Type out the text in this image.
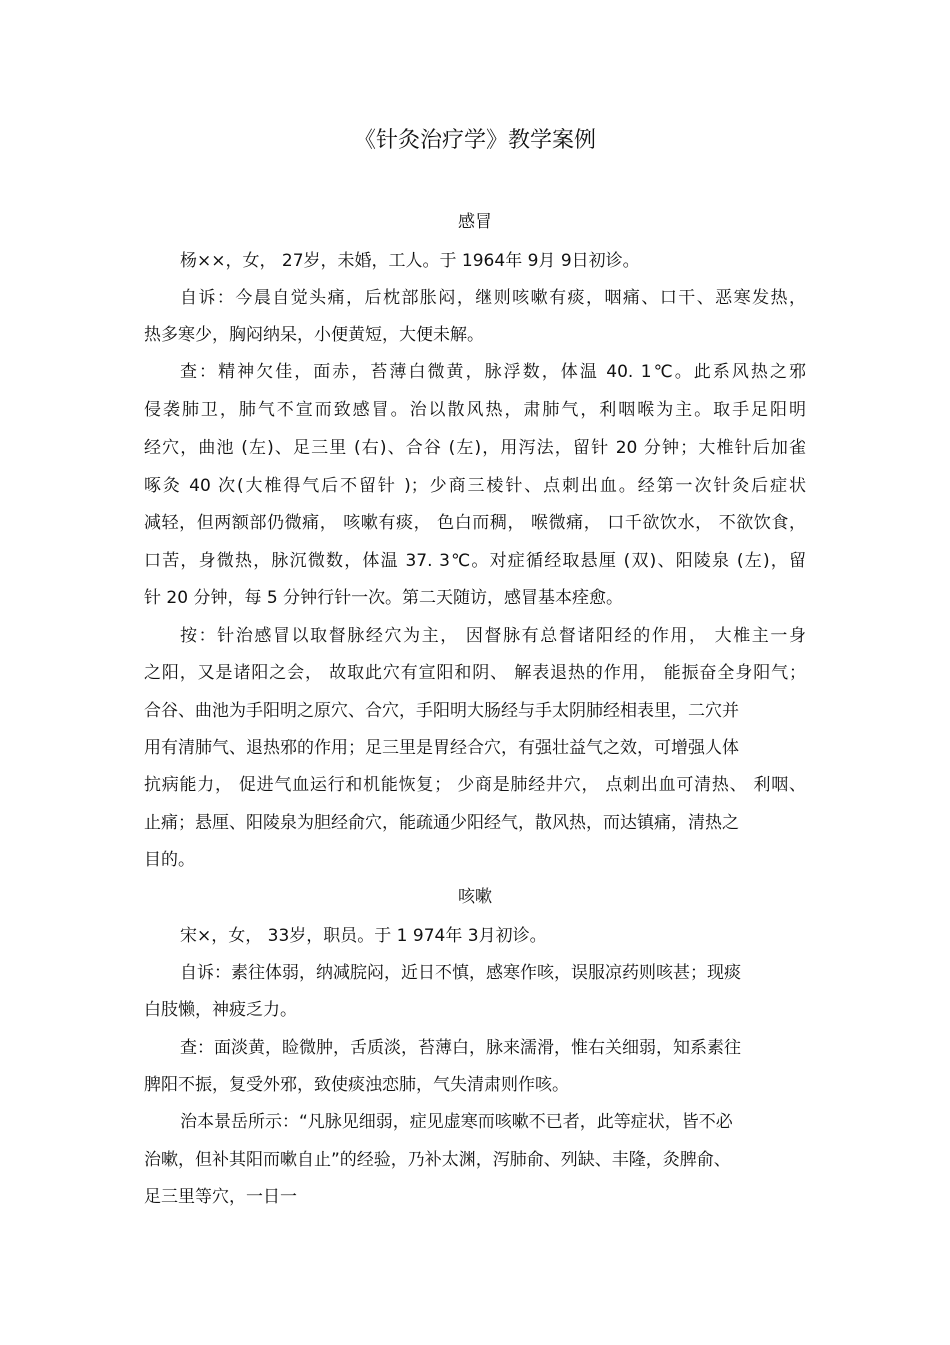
《针灸治疗学》教学案例
感冒
杨××，女， 27岁，未婚，工人。于 1964年 9月 9日初诊。
自诉：今晨自觉头痛，后枕部胀闷，继则咳嗽有痰，咽痛、口干、恶寒发热，
热多寒少，胸闷纳呆，小便黄短，大便未解。
查：精神欠佳，面赤，苔薄白微黄，脉浮数，体温 40. 1℃。此系风热之邪
侵袭肺卫，肺气不宣而致感冒。治以散风热，肃肺气，利咽喉为主。取手足阳明
经穴，曲池 (左)、足三里 (右)、合谷 (左)，用泻法，留针 20 分钟；大椎针后加雀
啄灸 40 次(大椎得气后不留针 )；少商三棱针、点刺出血。经第一次针灸后症状
减轻，但两额部仍微痛， 咳嗽有痰， 色白而稠， 喉微痛， 口千欲饮水， 不欲饮食，
口苦，身微热，脉沉微数，体温 37. 3℃。对症循经取悬厘 (双)、阳陵泉 (左)，留
针 20 分钟，每 5 分钟行针一次。第二天随访，感冒基本痊愈。
按：针治感冒以取督脉经穴为主， 因督脉有总督诸阳经的作用， 大椎主一身
之阳，又是诸阳之会， 故取此穴有宣阳和阴、 解表退热的作用， 能振奋全身阳气；
合谷、曲池为手阳明之原穴、合穴，手阳明大肠经与手太阴肺经相表里，二穴并
用有清肺气、退热邪的作用；足三里是胃经合穴，有强壮益气之效，可增强人体
抗病能力， 促进气血运行和机能恢复； 少商是肺经井穴， 点刺出血可清热、 利咽、
止痛；悬厘、阳陵泉为胆经俞穴，能疏通少阳经气，散风热，而达镇痛，清热之
目的。
咳嗽
宋×，女， 33岁，职员。于 1 974年 3月初诊。
自诉：素往体弱，纳减脘闷，近日不慎，感寒作咳，误服凉药则咳甚；现痰
白肢懒，神疲乏力。
查：面淡黄，睑微肿，舌质淡，苔薄白，脉来濡滑，惟右关细弱，知系素往
脾阳不振，复受外邪，致使痰浊恋肺，气失清肃则作咳。
治本景岳所示：“凡脉见细弱，症见虚寒而咳嗽不已者，此等症状，皆不必
治嗽，但补其阳而嗽自止”的经验，乃补太渊，泻肺俞、列缺、丰隆，灸脾俞、
足三里等穴，一日一
